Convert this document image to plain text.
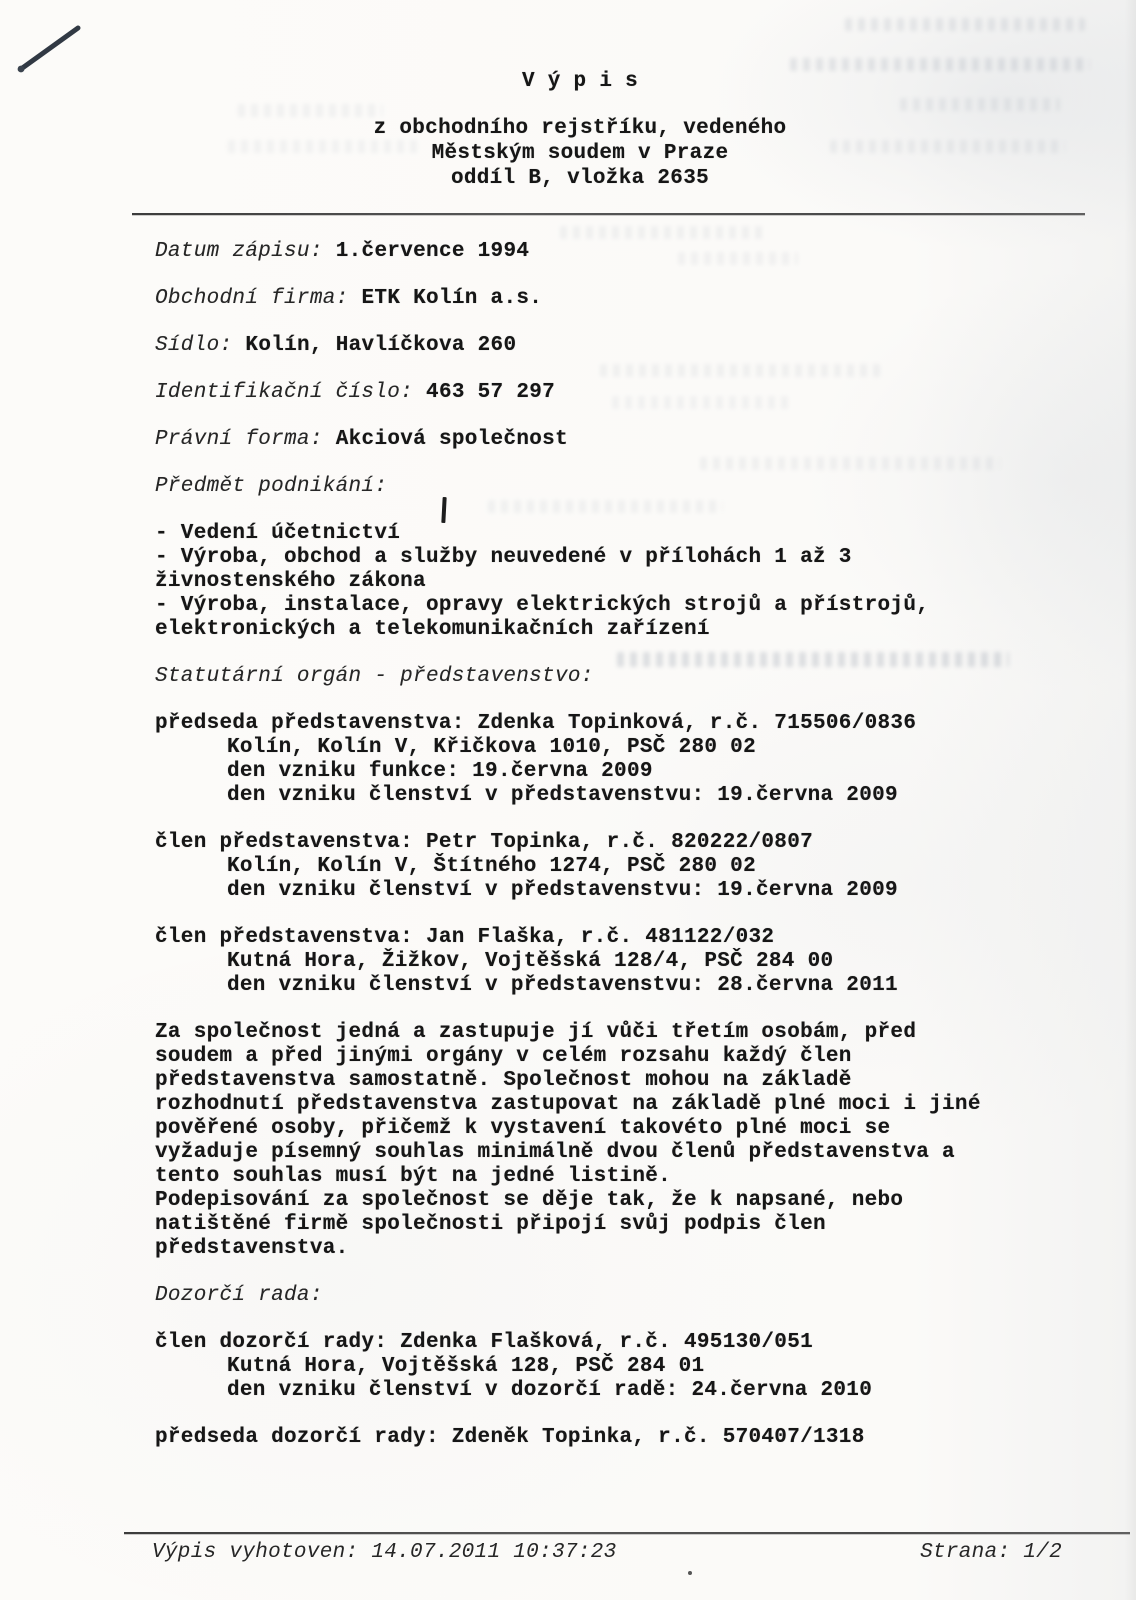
V ý p i s
z obchodního rejstříku, vedeného
Městským soudem v Praze
oddíl B, vložka 2635
Datum zápisu: 1.července 1994
Obchodní firma: ETK Kolín a.s.
Sídlo: Kolín, Havlíčkova 260
Identifikační číslo: 463 57 297
Právní forma: Akciová společnost
Předmět podnikání:
- Vedení účetnictví
- Výroba, obchod a služby neuvedené v přílohách 1 až 3
živnostenského zákona
- Výroba, instalace, opravy elektrických strojů a přístrojů,
elektronických a telekomunikačních zařízení
Statutární orgán - představenstvo:
předseda představenstva: Zdenka Topinková, r.č. 715506/0836
Kolín, Kolín V, Křičkova 1010, PSČ 280 02
den vzniku funkce: 19.června 2009
den vzniku členství v představenstvu: 19.června 2009
člen představenstva: Petr Topinka, r.č. 820222/0807
Kolín, Kolín V, Štítného 1274, PSČ 280 02
den vzniku členství v představenstvu: 19.června 2009
člen představenstva: Jan Flaška, r.č. 481122/032
Kutná Hora, Žižkov, Vojtěšská 128/4, PSČ 284 00
den vzniku členství v představenstvu: 28.června 2011
Za společnost jedná a zastupuje jí vůči třetím osobám, před
soudem a před jinými orgány v celém rozsahu každý člen
představenstva samostatně. Společnost mohou na základě
rozhodnutí představenstva zastupovat na základě plné moci i jiné
pověřené osoby, přičemž k vystavení takovéto plné moci se
vyžaduje písemný souhlas minimálně dvou členů představenstva a
tento souhlas musí být na jedné listině.
Podepisování za společnost se děje tak, že k napsané, nebo
natištěné firmě společnosti připojí svůj podpis člen
představenstva.
Dozorčí rada:
člen dozorčí rady: Zdenka Flašková, r.č. 495130/051
Kutná Hora, Vojtěšská 128, PSČ 284 01
den vzniku členství v dozorčí radě: 24.června 2010
předseda dozorčí rady: Zdeněk Topinka, r.č. 570407/1318
Výpis vyhotoven: 14.07.2011 10:37:23	Strana: 1/2
